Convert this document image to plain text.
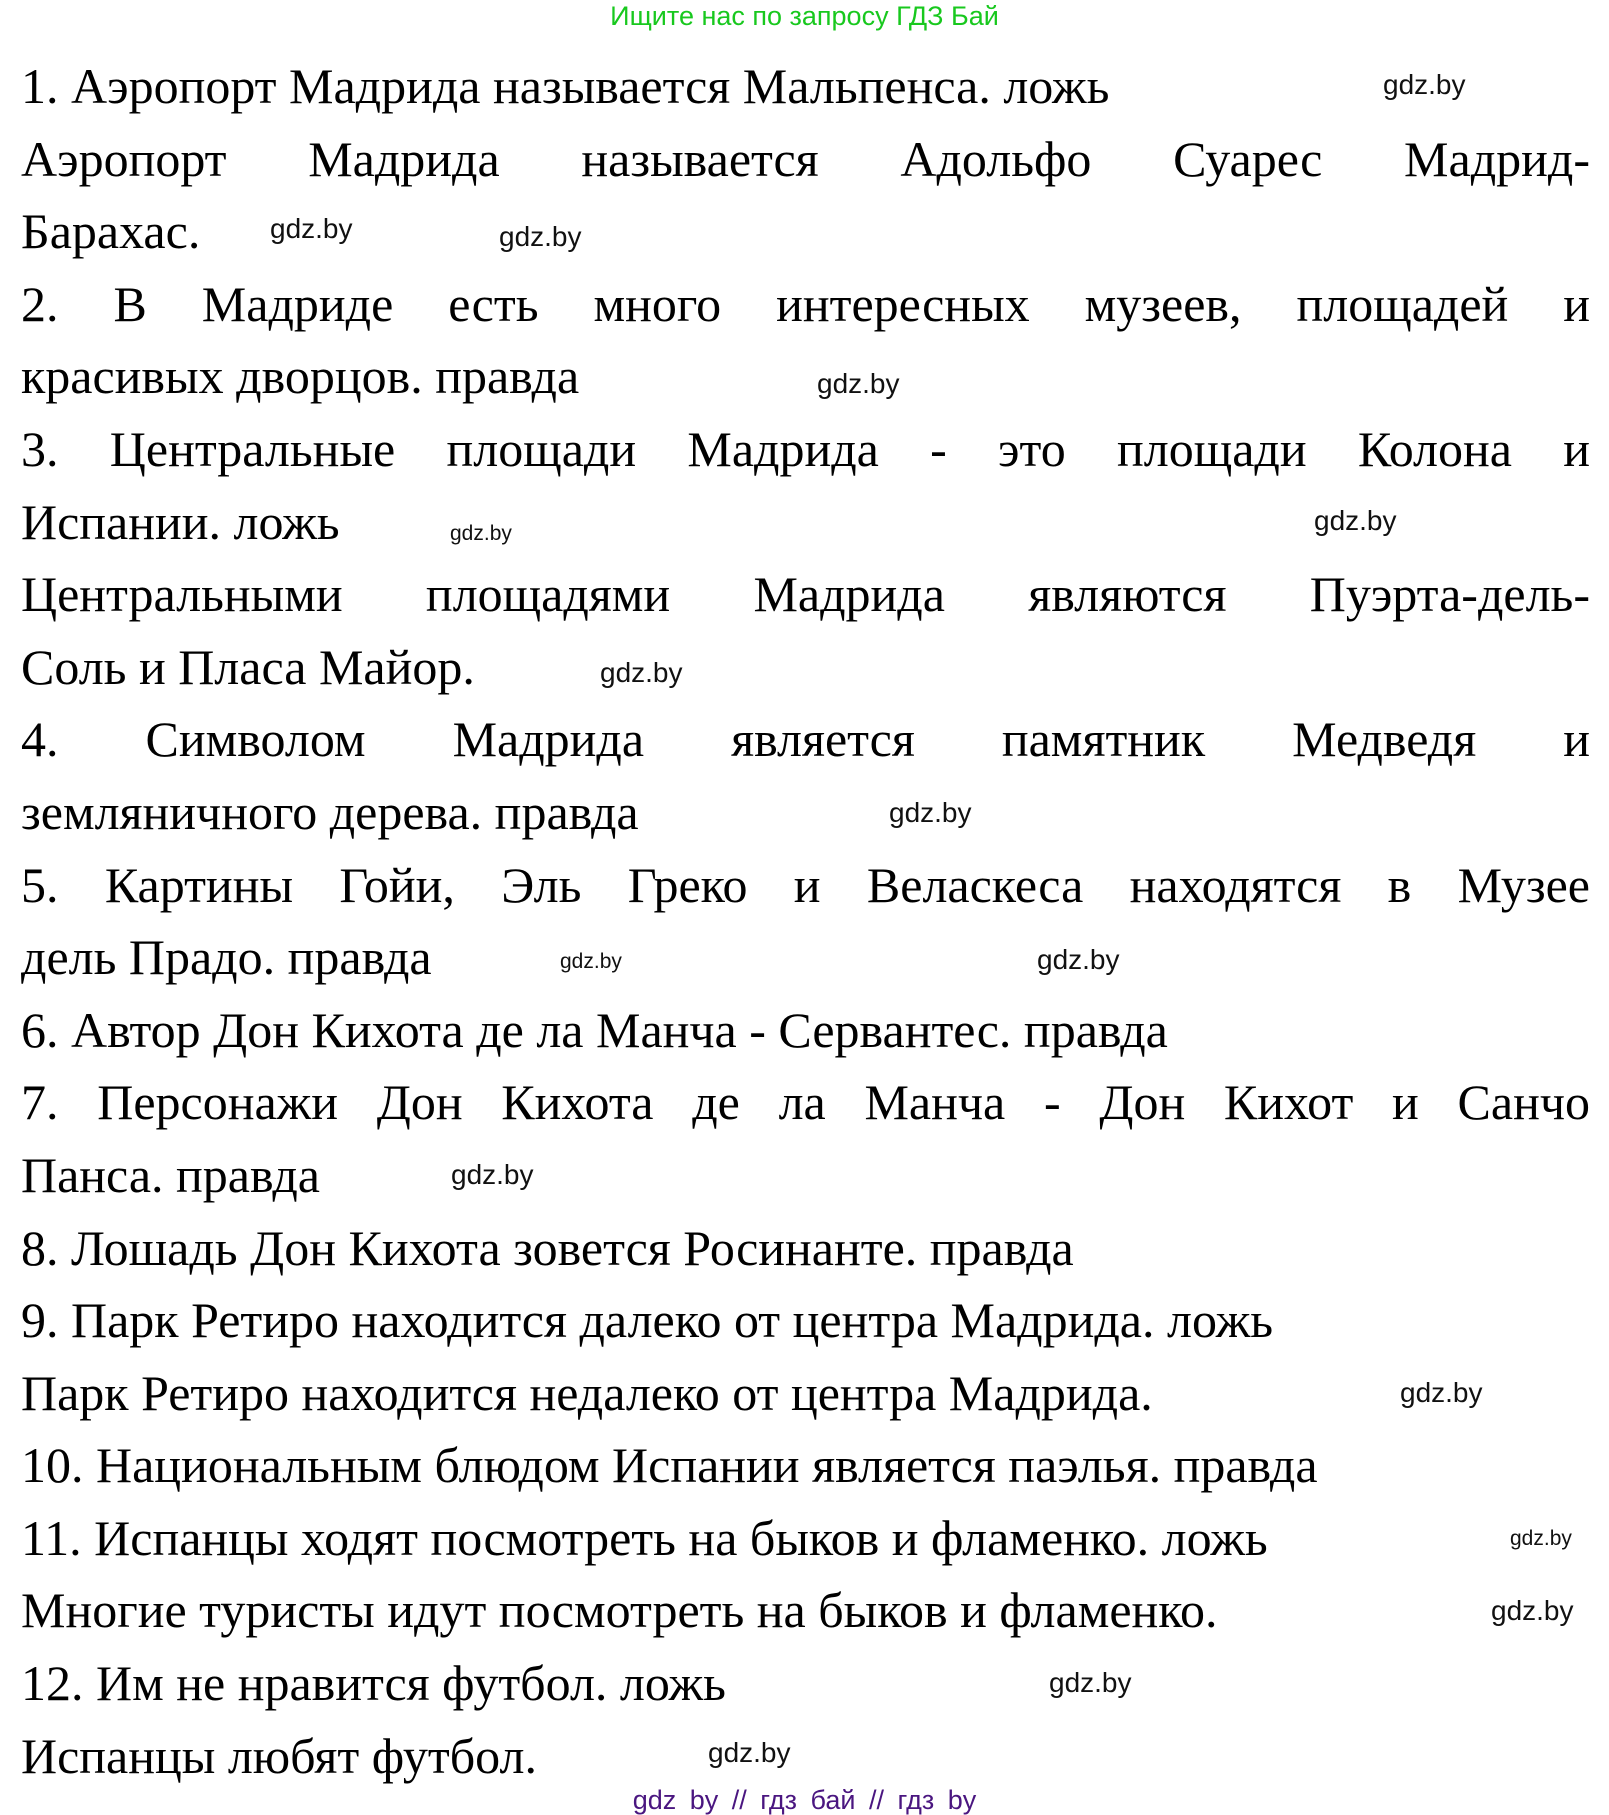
Ищите нас по запросу ГДЗ Бай
1. Аэропорт Мадрида называется Мальпенса. ложь
Аэропорт Мадрида называется Адольфо Суарес Мадрид-
Барахас.
2. В Мадриде есть много интересных музеев, площадей и
красивых дворцов. правда
3. Центральные площади Мадрида - это площади Колона и
Испании. ложь
Центральными площадями Мадрида являются Пуэрта-дель-
Соль и Пласа Майор.
4. Символом Мадрида является памятник Медведя и
земляничного дерева. правда
5. Картины Гойи, Эль Греко и Веласкеса находятся в Музее
дель Прадо. правда
6. Автор Дон Кихота де ла Манча - Сервантес. правда
7. Персонажи Дон Кихота де ла Манча - Дон Кихот и Санчо
Панса. правда
8. Лошадь Дон Кихота зовется Росинанте. правда
9. Парк Ретиро находится далеко от центра Мадрида. ложь
Парк Ретиро находится недалеко от центра Мадрида.
10. Национальным блюдом Испании является паэлья. правда
11. Испанцы ходят посмотреть на быков и фламенко. ложь
Многие туристы идут посмотреть на быков и фламенко.
12. Им не нравится футбол. ложь
Испанцы любят футбол.
gdz.by
gdz.by	gdz.by
gdz.by
gdz.by
gdz.by
gdz.by
gdz.by
gdz.by	gdz.by
gdz.by
gdz.by
gdz.by
gdz.by
gdz.by
gdz.by
gdz by // гдз бай // гдз by
